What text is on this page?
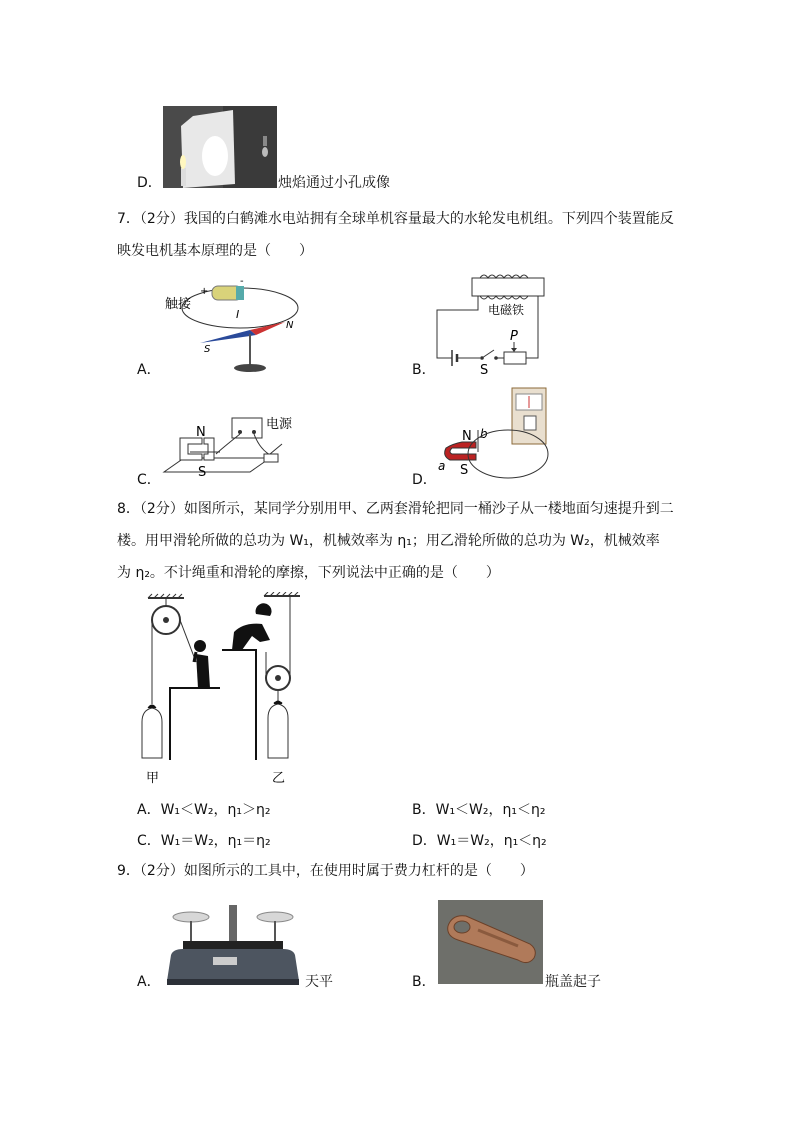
D．	烛焰通过小孔成像
7．（2分）我国的白鹤滩水电站拥有全球单机容量最大的水轮发电机组。下列四个装置能反
映发电机基本原理的是（　　）
A．
触接
+
-
I
S
N
B．
电磁铁
S
P
C．
N
S
电源
D．
N
S
b
a
8．（2分）如图所示，某同学分别用甲、乙两套滑轮把同一桶沙子从一楼地面匀速提升到二
楼。用甲滑轮所做的总功为 W₁，机械效率为 η₁；用乙滑轮所做的总功为 W₂，机械效率
为 η₂。不计绳重和滑轮的摩擦，下列说法中正确的是（　　）
甲	乙
A．W₁＜W₂，η₁＞η₂	B．W₁＜W₂，η₁＜η₂
C．W₁＝W₂，η₁＝η₂	D．W₁＝W₂，η₁＜η₂
9．（2分）如图所示的工具中，在使用时属于费力杠杆的是（　　）
A．	天平	B．	瓶盖起子
